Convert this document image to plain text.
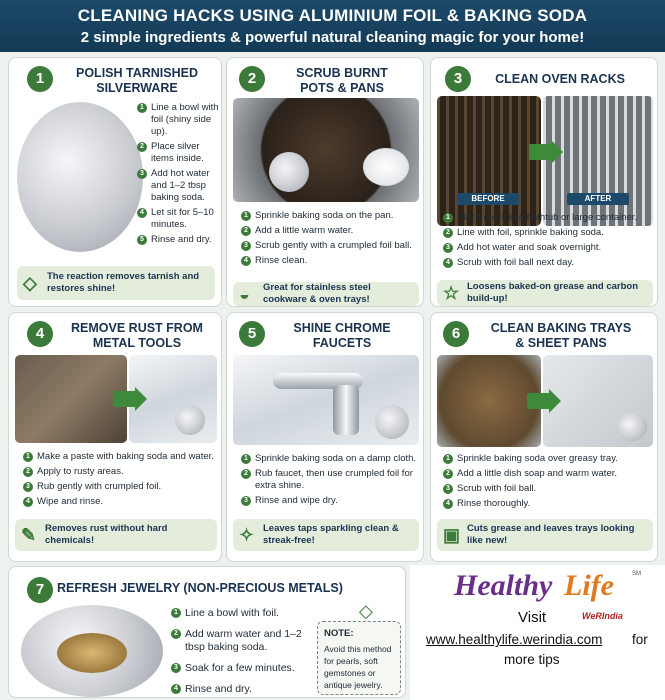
CLEANING HACKS USING ALUMINIUM FOIL & BAKING SODA
2 simple ingredients & powerful natural cleaning magic for your home!
1	POLISH TARNISHED
SILVERWARE
1 Line a bowl with foil (shiny side up).
2 Place silver items inside.
3 Add hot water and 1–2 tbsp baking soda.
4 Let sit for 5–10 minutes.
5 Rinse and dry.
◇ The reaction removes tarnish and restores shine!
2	SCRUB BURNT
POTS & PANS
1 Sprinkle baking soda on the pan.
2 Add a little warm water.
3 Scrub gently with a crumpled foil ball.
4 Rinse clean.
◒ Great for stainless steel cookware & oven trays!
3	CLEAN OVEN RACKS
BEFORE	AFTER
1 Place racks in a bathtub or large container.
2 Line with foil, sprinkle baking soda.
3 Add hot water and soak overnight.
4 Scrub with foil ball next day.
☆ Loosens baked-on grease and carbon build-up!
4	REMOVE RUST FROM
METAL TOOLS
1 Make a paste with baking soda and water.
2 Apply to rusty areas.
3 Rub gently with crumpled foil.
4 Wipe and rinse.
✎ Removes rust without hard chemicals!
5	SHINE CHROME
FAUCETS
1 Sprinkle baking soda on a damp cloth.
2 Rub faucet, then use crumpled foil for extra shine.
3 Rinse and wipe dry.
✧ Leaves taps sparkling clean & streak-free!
6	CLEAN BAKING TRAYS
& SHEET PANS
1 Sprinkle baking soda over greasy tray.
2 Add a little dish soap and warm water.
3 Scrub with foil ball.
4 Rinse thoroughly.
▣ Cuts grease and leaves trays looking like new!
7	REFRESH JEWELRY (NON-PRECIOUS METALS)
1 Line a bowl with foil.
2 Add warm water and 1–2 tbsp baking soda.
3 Soak for a few minutes.
4 Rinse and dry.
◇
NOTE:
Avoid this method for pearls, soft gemstones or antique jewelry.
Healthy Life	SM
WeRIndia
Visit
www.healthylife.werindia.com for
more tips
